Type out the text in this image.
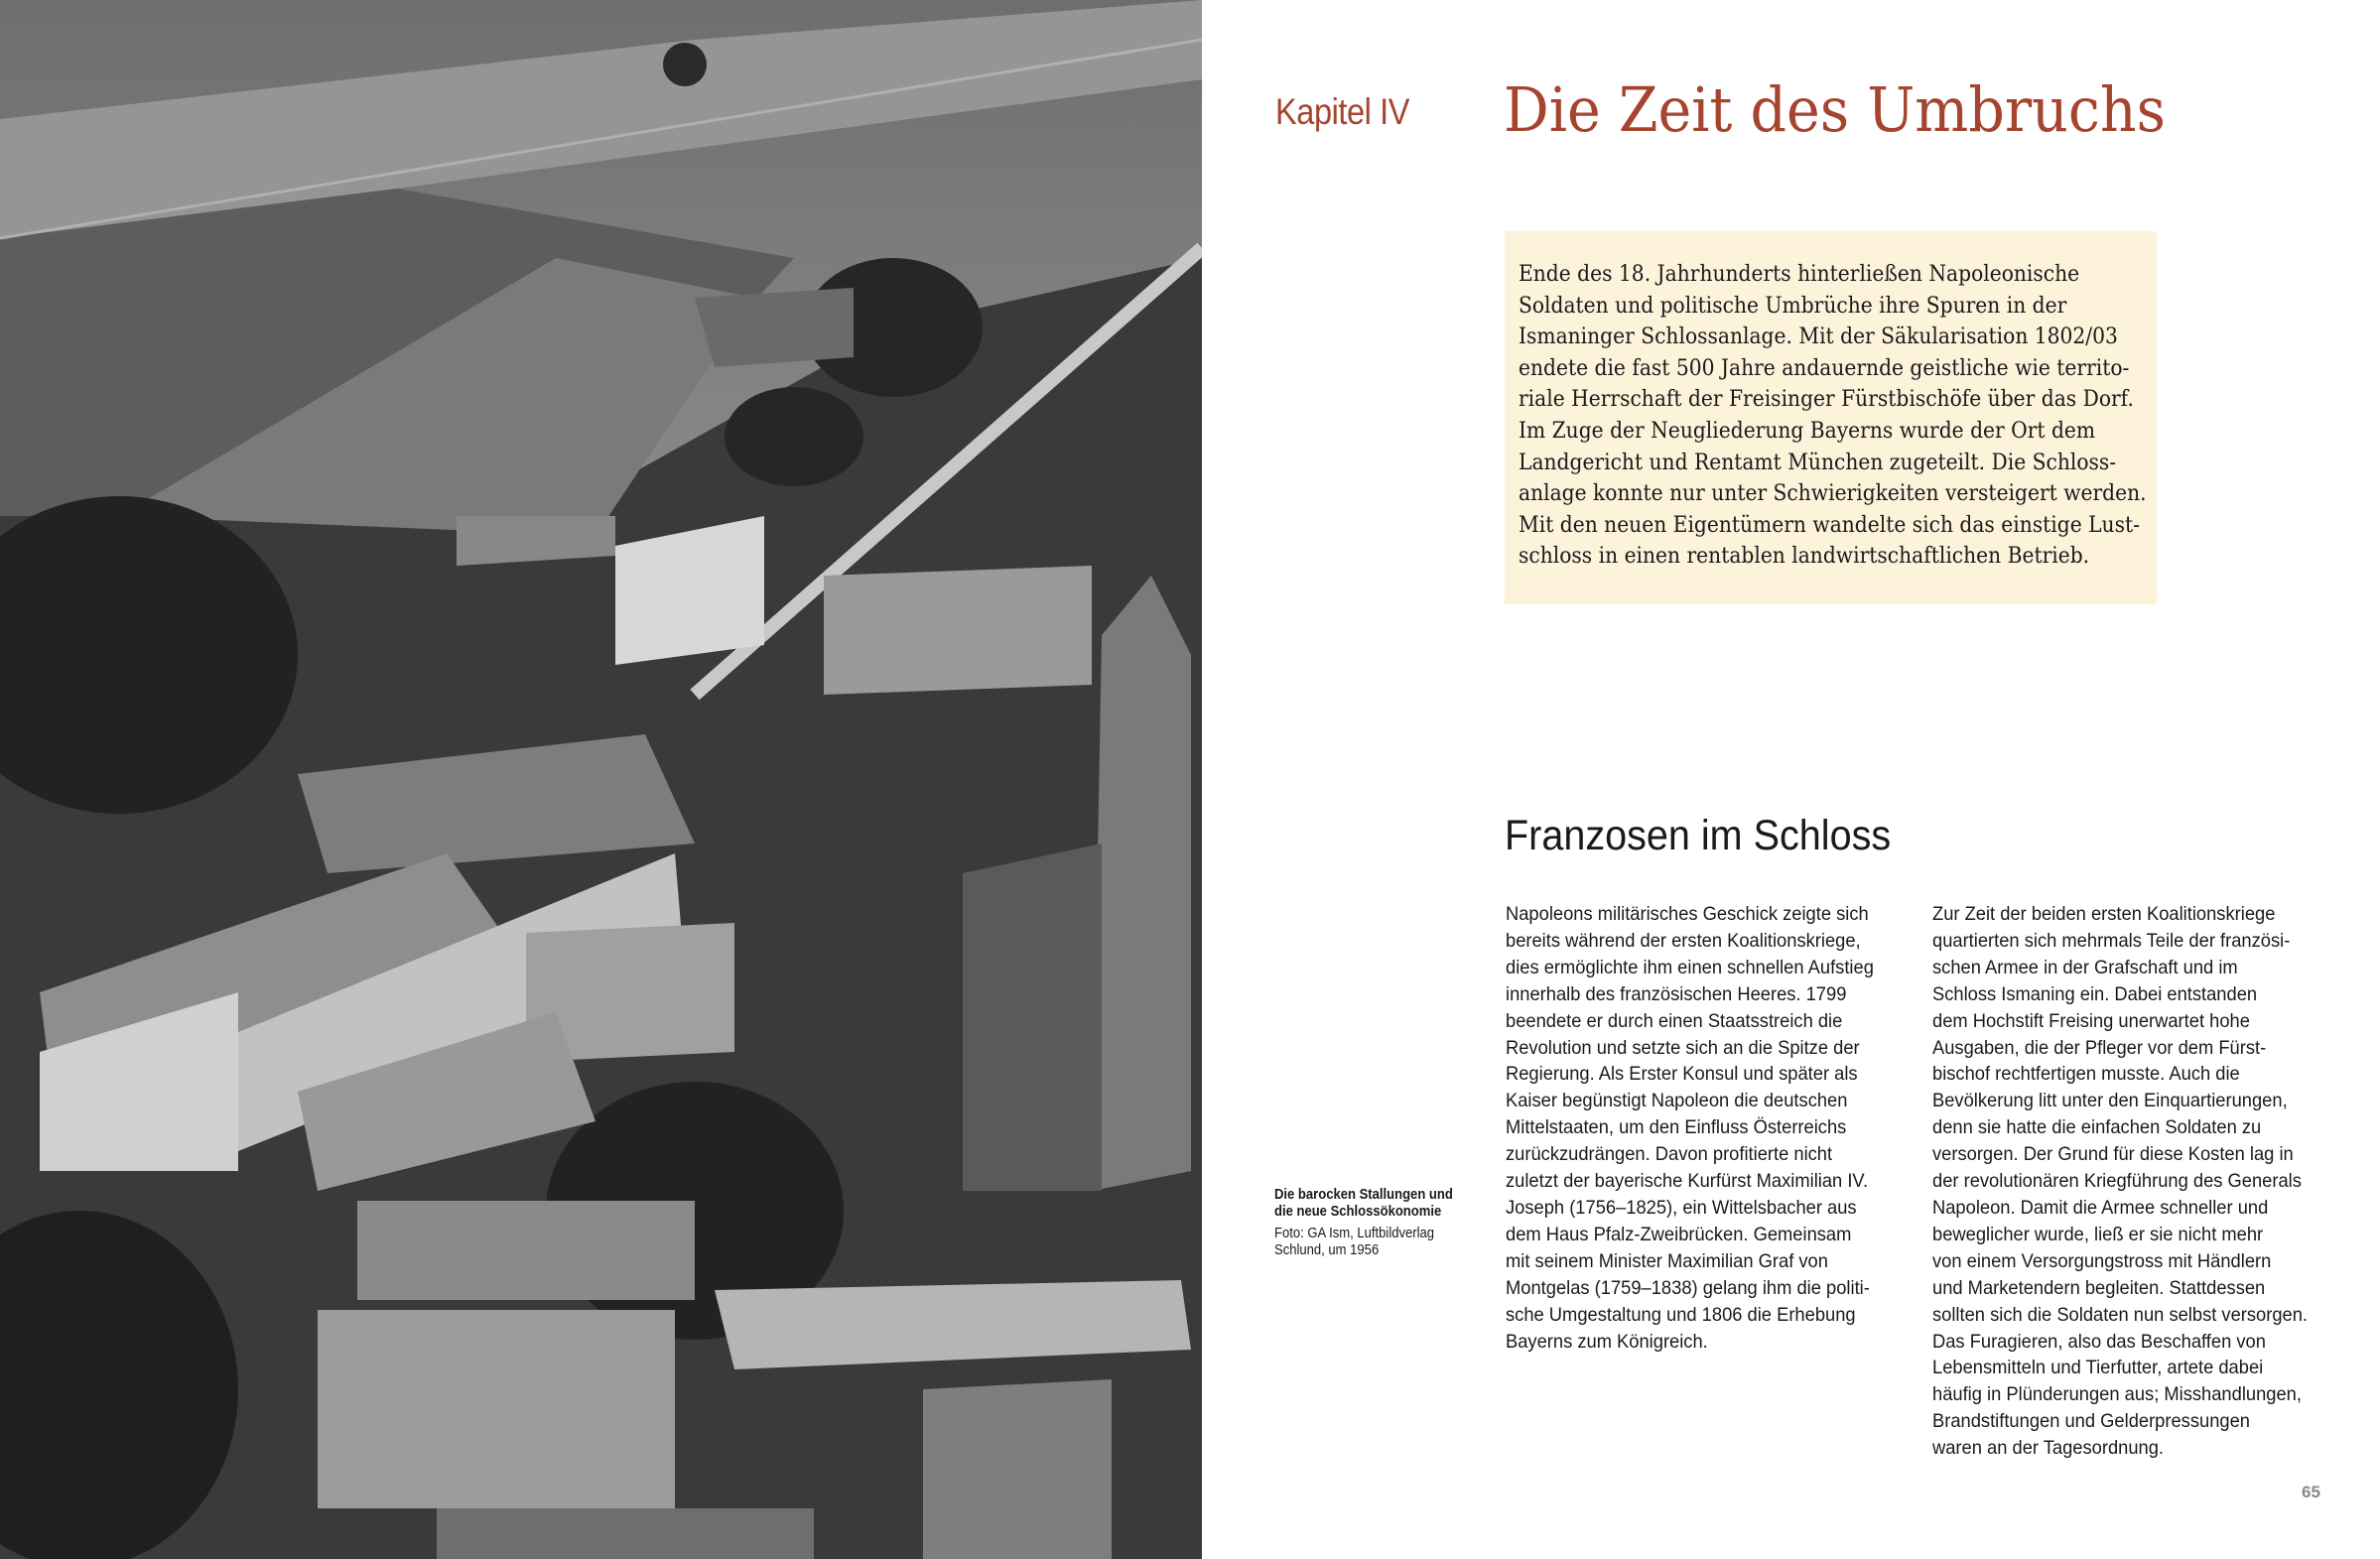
Kapitel IV Die Zeit des Umbruchs

Ende des 18. Jahrhunderts hinterließen Napoleonische
Soldaten und politische Umbrüche ihre Spuren in der
Ismaninger Schlossanlage. Mit der Säkularisation 1802/03
endete die fast 500 Jahre andauernde geistliche wie territo-
riale Herrschaft der Freisinger Fürstbischöfe über das Dorf.
Im Zuge der Neugliederung Bayerns wurde der Ort dem
Landgericht und Rentamt München zugeteilt. Die Schloss-
anlage konnte nur unter Schwierigkeiten versteigert werden.
Mit den neuen Eigentümern wandelte sich das einstige Lust-
schloss in einen rentablen landwirtschaftlichen Betrieb.

Franzosen im Schloss
Napoleons militärisches Geschick zeigte sich
bereits während der ersten Koalitionskriege,
dies ermöglichte ihm einen schnellen Aufstieg
innerhalb des französischen Heeres. 1799
beendete er durch einen Staatsstreich die
Revolution und setzte sich an die Spitze der
Regierung. Als Erster Konsul und später als
Kaiser begünstigt Napoleon die deutschen
Mittelstaaten, um den Einfluss Österreichs
zurückzudrängen. Davon profitierte nicht
zuletzt der bayerische Kurfürst Maximilian IV.
Joseph (1756–1825), ein Wittelsbacher aus
dem Haus Pfalz-Zweibrücken. Gemeinsam
mit seinem Minister Maximilian Graf von
Montgelas (1759–1838) gelang ihm die politi-
sche Umgestaltung und 1806 die Erhebung
Bayerns zum Königreich.
Zur Zeit der beiden ersten Koalitionskriege
quartierten sich mehrmals Teile der französi-
schen Armee in der Grafschaft und im
Schloss Ismaning ein. Dabei entstanden
dem Hochstift Freising unerwartet hohe
Ausgaben, die der Pfleger vor dem Fürst-
bischof rechtfertigen musste. Auch die
Bevölkerung litt unter den Einquartierungen,
denn sie hatte die einfachen Soldaten zu
versorgen. Der Grund für diese Kosten lag in
der revolutionären Kriegführung des Generals
Napoleon. Damit die Armee schneller und
beweglicher wurde, ließ er sie nicht mehr
von einem Versorgungstross mit Händlern
und Marketendern begleiten. Stattdessen
sollten sich die Soldaten nun selbst versorgen.
Das Furagieren, also das Beschaffen von
Lebensmitteln und Tierfutter, artete dabei
häufig in Plünderungen aus; Misshandlungen,
Brandstiftungen und Gelderpressungen
waren an der Tagesordnung.
Die barocken Stallungen und
die neue Schlossökonomie
Foto: GA Ism, Luftbildverlag
Schlund, um 1956
65
